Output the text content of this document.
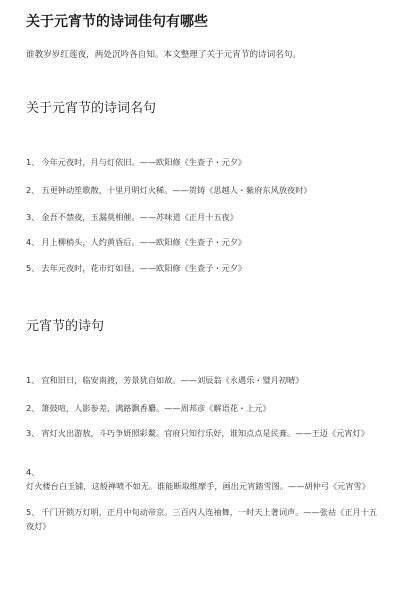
关于元宵节的诗词佳句有哪些
谁教岁岁红莲夜，两处沉吟各自知。本文整理了关于元宵节的诗词名句。
关于元宵节的诗词名句
1、 今年元夜时，月与灯依旧。——欧阳修《生查子・元夕》
2、 五更钟动笙歌散，十里月明灯火稀。——贺铸《思越人・紫府东风放夜时》
3、 金吾不禁夜，玉漏莫相催。——苏味道《正月十五夜》
4、 月上柳梢头，人约黄昏后。——欧阳修《生查子・元夕》
5、 去年元夜时，花市灯如昼。——欧阳修《生查子・元夕》
元宵节的诗句
1、 宜和旧日，临安南渡，芳景犹自如故。——刘辰翁《永遇乐・璧月初晴》
2、 箫鼓喧，人影参差，满路飘香麝。——周邦彦《解语花・上元》
3、 宵灯火出游敖，斗巧争妍照彩鳌。官府只知行乐好，谁知点点是民膏。——王迈《元宵灯》
4、灯火楼台白玉铺，这般禅喷不如无。谁能断取维摩手，画出元宵踏雪图。——胡仲弓《元宵雪》
5、 千门开锁万灯明，正月中旬动帝京。三百内人连袖舞，一时天上著词声。——张祜《正月十五夜灯》
